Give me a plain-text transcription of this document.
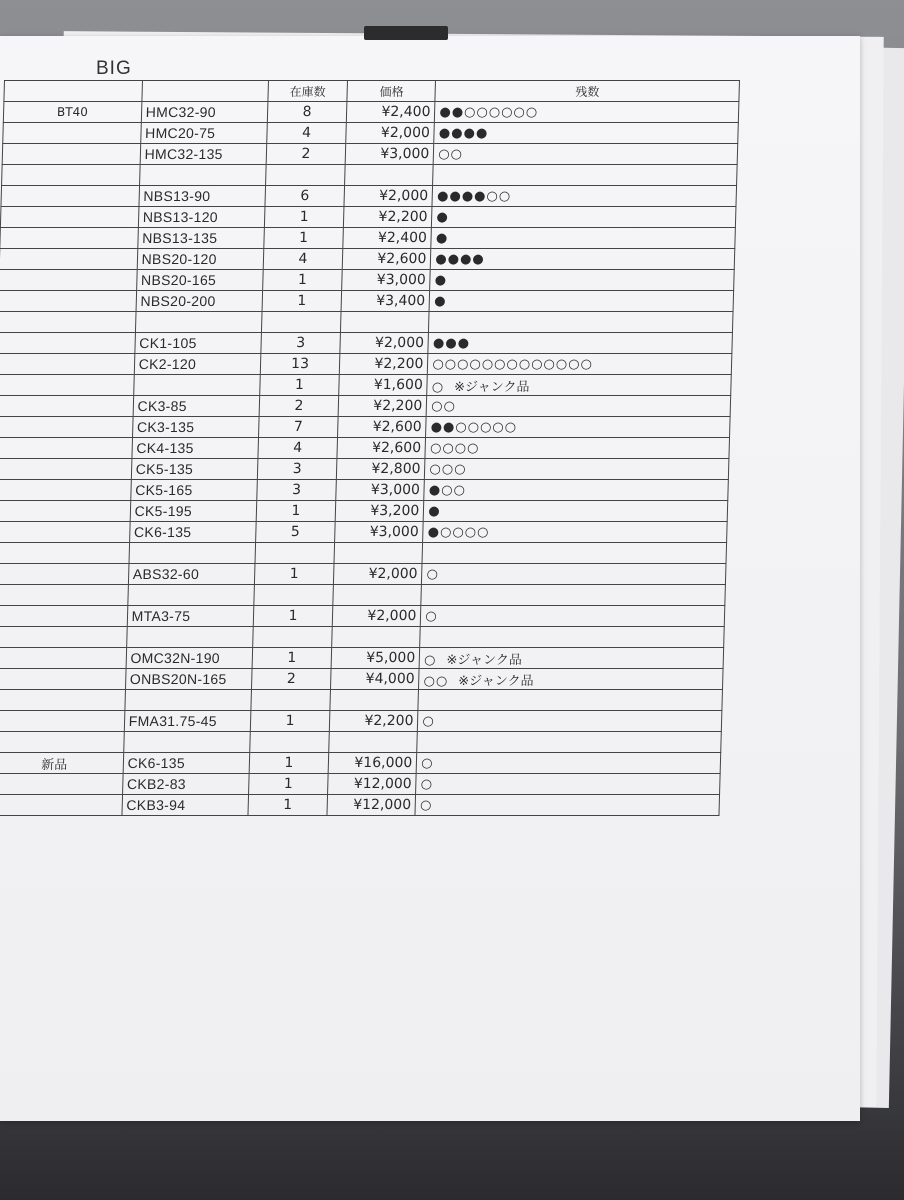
BIG
		在庫数	価格	残数
BT40	HMC32-90	8	¥2,400	●●○○○○○○
	HMC20-75	4	¥2,000	●●●●
	HMC32-135	2	¥3,000	○○

	NBS13-90	6	¥2,000	●●●●○○
	NBS13-120	1	¥2,200	●
	NBS13-135	1	¥2,400	●
	NBS20-120	4	¥2,600	●●●●
	NBS20-165	1	¥3,000	●
	NBS20-200	1	¥3,400	●

	CK1-105	3	¥2,000	●●●
	CK2-120	13	¥2,200	○○○○○○○○○○○○○
		1	¥1,600	○ ※ジャンク品
	CK3-85	2	¥2,200	○○
	CK3-135	7	¥2,600	●●○○○○○
	CK4-135	4	¥2,600	○○○○
	CK5-135	3	¥2,800	○○○
	CK5-165	3	¥3,000	●○○
	CK5-195	1	¥3,200	●
	CK6-135	5	¥3,000	●○○○○

	ABS32-60	1	¥2,000	○

	MTA3-75	1	¥2,000	○

	OMC32N-190	1	¥5,000	○ ※ジャンク品
	ONBS20N-165	2	¥4,000	○○ ※ジャンク品

	FMA31.75-45	1	¥2,200	○

新品	CK6-135	1	¥16,000	○
	CKB2-83	1	¥12,000	○
	CKB3-94	1	¥12,000	○
